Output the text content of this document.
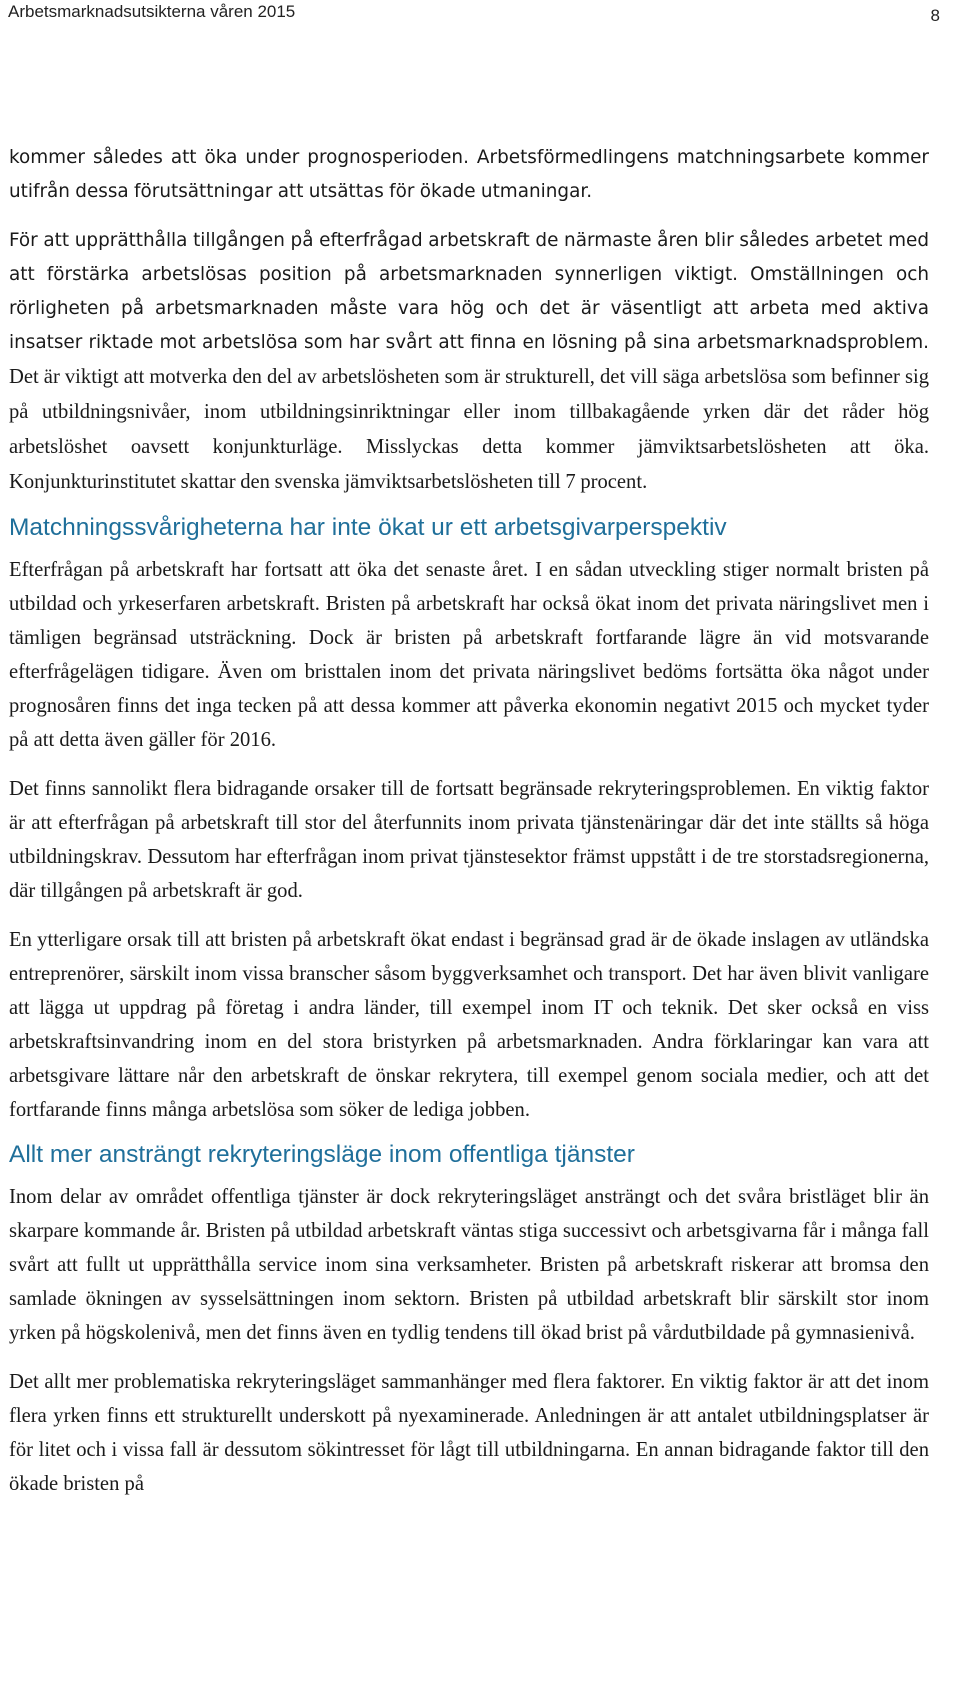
Arbetsmarknadsutsikterna våren 2015	8

kommer således att öka under prognosperioden. Arbetsförmedlingens matchningsarbete kommer utifrån dessa förutsättningar att utsättas för ökade utmaningar.

För att upprätthålla tillgången på efterfrågad arbetskraft de närmaste åren blir således arbetet med att förstärka arbetslösas position på arbetsmarknaden synnerligen viktigt. Omställningen och rörligheten på arbetsmarknaden måste vara hög och det är väsentligt att arbeta med aktiva insatser riktade mot arbetslösa som har svårt att finna en lösning på sina arbetsmarknadsproblem. Det är viktigt att motverka den del av arbetslösheten som är strukturell, det vill säga arbetslösa som befinner sig på utbildningsnivåer, inom utbildningsinriktningar eller inom tillbakagående yrken där det råder hög arbetslöshet oavsett konjunkturläge. Misslyckas detta kommer jämviktsarbetslösheten att öka. Konjunkturinstitutet skattar den svenska jämviktsarbetslösheten till 7 procent.

Matchningssvårigheterna har inte ökat ur ett arbetsgivarperspektiv

Efterfrågan på arbetskraft har fortsatt att öka det senaste året. I en sådan utveckling stiger normalt bristen på utbildad och yrkeserfaren arbetskraft. Bristen på arbetskraft har också ökat inom det privata näringslivet men i tämligen begränsad utsträckning. Dock är bristen på arbetskraft fortfarande lägre än vid motsvarande efterfrågelägen tidigare. Även om bristtalen inom det privata näringslivet bedöms fortsätta öka något under prognosåren finns det inga tecken på att dessa kommer att påverka ekonomin negativt 2015 och mycket tyder på att detta även gäller för 2016.

Det finns sannolikt flera bidragande orsaker till de fortsatt begränsade rekryteringsproblemen. En viktig faktor är att efterfrågan på arbetskraft till stor del återfunnits inom privata tjänstenäringar där det inte ställts så höga utbildningskrav. Dessutom har efterfrågan inom privat tjänstesektor främst uppstått i de tre storstadsregionerna, där tillgången på arbetskraft är god.

En ytterligare orsak till att bristen på arbetskraft ökat endast i begränsad grad är de ökade inslagen av utländska entreprenörer, särskilt inom vissa branscher såsom byggverksamhet och transport. Det har även blivit vanligare att lägga ut uppdrag på företag i andra länder, till exempel inom IT och teknik. Det sker också en viss arbetskraftsinvandring inom en del stora bristyrken på arbetsmarknaden. Andra förklaringar kan vara att arbetsgivare lättare når den arbetskraft de önskar rekrytera, till exempel genom sociala medier, och att det fortfarande finns många arbetslösa som söker de lediga jobben.

Allt mer ansträngt rekryteringsläge inom offentliga tjänster

Inom delar av området offentliga tjänster är dock rekryteringsläget ansträngt och det svåra bristläget blir än skarpare kommande år. Bristen på utbildad arbetskraft väntas stiga successivt och arbetsgivarna får i många fall svårt att fullt ut upprätthålla service inom sina verksamheter. Bristen på arbetskraft riskerar att bromsa den samlade ökningen av sysselsättningen inom sektorn. Bristen på utbildad arbetskraft blir särskilt stor inom yrken på högskolenivå, men det finns även en tydlig tendens till ökad brist på vårdutbildade på gymnasienivå.

Det allt mer problematiska rekryteringsläget sammanhänger med flera faktorer. En viktig faktor är att det inom flera yrken finns ett strukturellt underskott på nyexaminerade. Anledningen är att antalet utbildningsplatser är för litet och i vissa fall är dessutom sökintresset för lågt till utbildningarna. En annan bidragande faktor till den ökade bristen på
